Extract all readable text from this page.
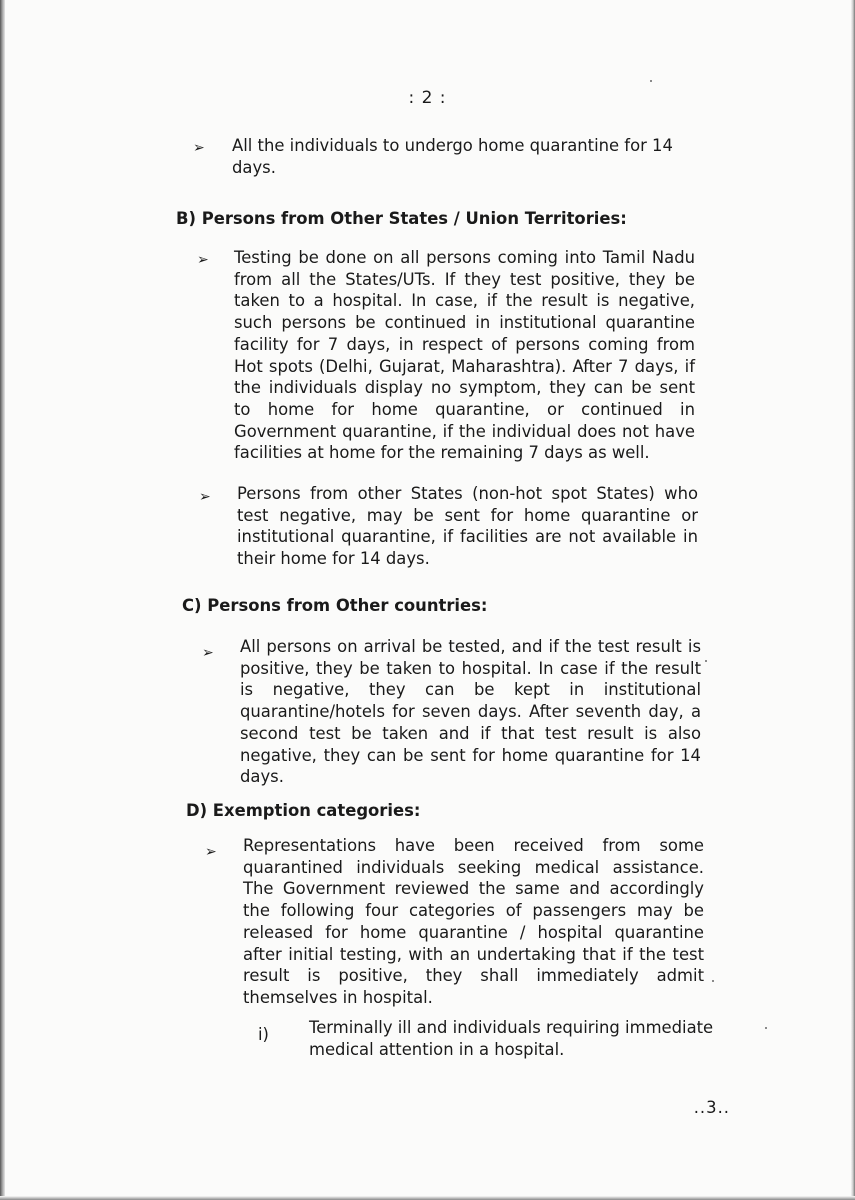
: 2 :
➢ All the individuals to undergo home quarantine for 14 days.
B) Persons from Other States / Union Territories:
➢ Testing be done on all persons coming into Tamil Nadu from all the States/UTs. If they test positive, they be taken to a hospital. In case, if the result is negative, such persons be continued in institutional quarantine facility for 7 days, in respect of persons coming from Hot spots (Delhi, Gujarat, Maharashtra). After 7 days, if the individuals display no symptom, they can be sent to home for home quarantine, or continued in Government quarantine, if the individual does not have facilities at home for the remaining 7 days as well.
➢ Persons from other States (non-hot spot States) who test negative, may be sent for home quarantine or institutional quarantine, if facilities are not available in their home for 14 days.
C) Persons from Other countries:
➢ All persons on arrival be tested, and if the test result is positive, they be taken to hospital. In case if the result is negative, they can be kept in institutional quarantine/hotels for seven days. After seventh day, a second test be taken and if that test result is also negative, they can be sent for home quarantine for 14 days.
D) Exemption categories:
➢ Representations have been received from some quarantined individuals seeking medical assistance. The Government reviewed the same and accordingly the following four categories of passengers may be released for home quarantine / hospital quarantine after initial testing, with an undertaking that if the test result is positive, they shall immediately admit themselves in hospital.
i) Terminally ill and individuals requiring immediate medical attention in a hospital.
..3..
